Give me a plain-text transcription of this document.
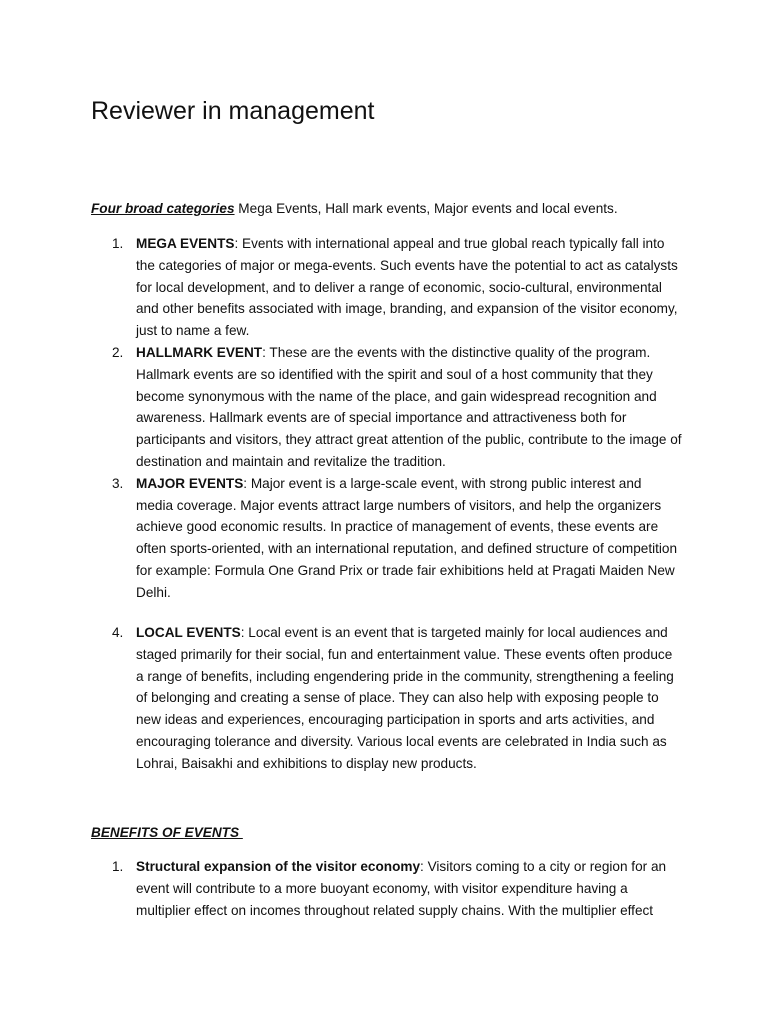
Reviewer in management

Four broad categories Mega Events, Hall mark events, Major events and local events.

1. MEGA EVENTS: Events with international appeal and true global reach typically fall into the categories of major or mega-events. Such events have the potential to act as catalysts for local development, and to deliver a range of economic, socio-cultural, environmental and other benefits associated with image, branding, and expansion of the visitor economy, just to name a few.
2. HALLMARK EVENT: These are the events with the distinctive quality of the program. Hallmark events are so identified with the spirit and soul of a host community that they become synonymous with the name of the place, and gain widespread recognition and awareness. Hallmark events are of special importance and attractiveness both for participants and visitors, they attract great attention of the public, contribute to the image of destination and maintain and revitalize the tradition.
3. MAJOR EVENTS: Major event is a large-scale event, with strong public interest and media coverage. Major events attract large numbers of visitors, and help the organizers achieve good economic results. In practice of management of events, these events are often sports-oriented, with an international reputation, and defined structure of competition for example: Formula One Grand Prix or trade fair exhibitions held at Pragati Maiden New Delhi.
4. LOCAL EVENTS: Local event is an event that is targeted mainly for local audiences and staged primarily for their social, fun and entertainment value. These events often produce a range of benefits, including engendering pride in the community, strengthening a feeling of belonging and creating a sense of place. They can also help with exposing people to new ideas and experiences, encouraging participation in sports and arts activities, and encouraging tolerance and diversity. Various local events are celebrated in India such as Lohrai, Baisakhi and exhibitions to display new products.

BENEFITS OF EVENTS

1. Structural expansion of the visitor economy: Visitors coming to a city or region for an event will contribute to a more buoyant economy, with visitor expenditure having a multiplier effect on incomes throughout related supply chains. With the multiplier effect
